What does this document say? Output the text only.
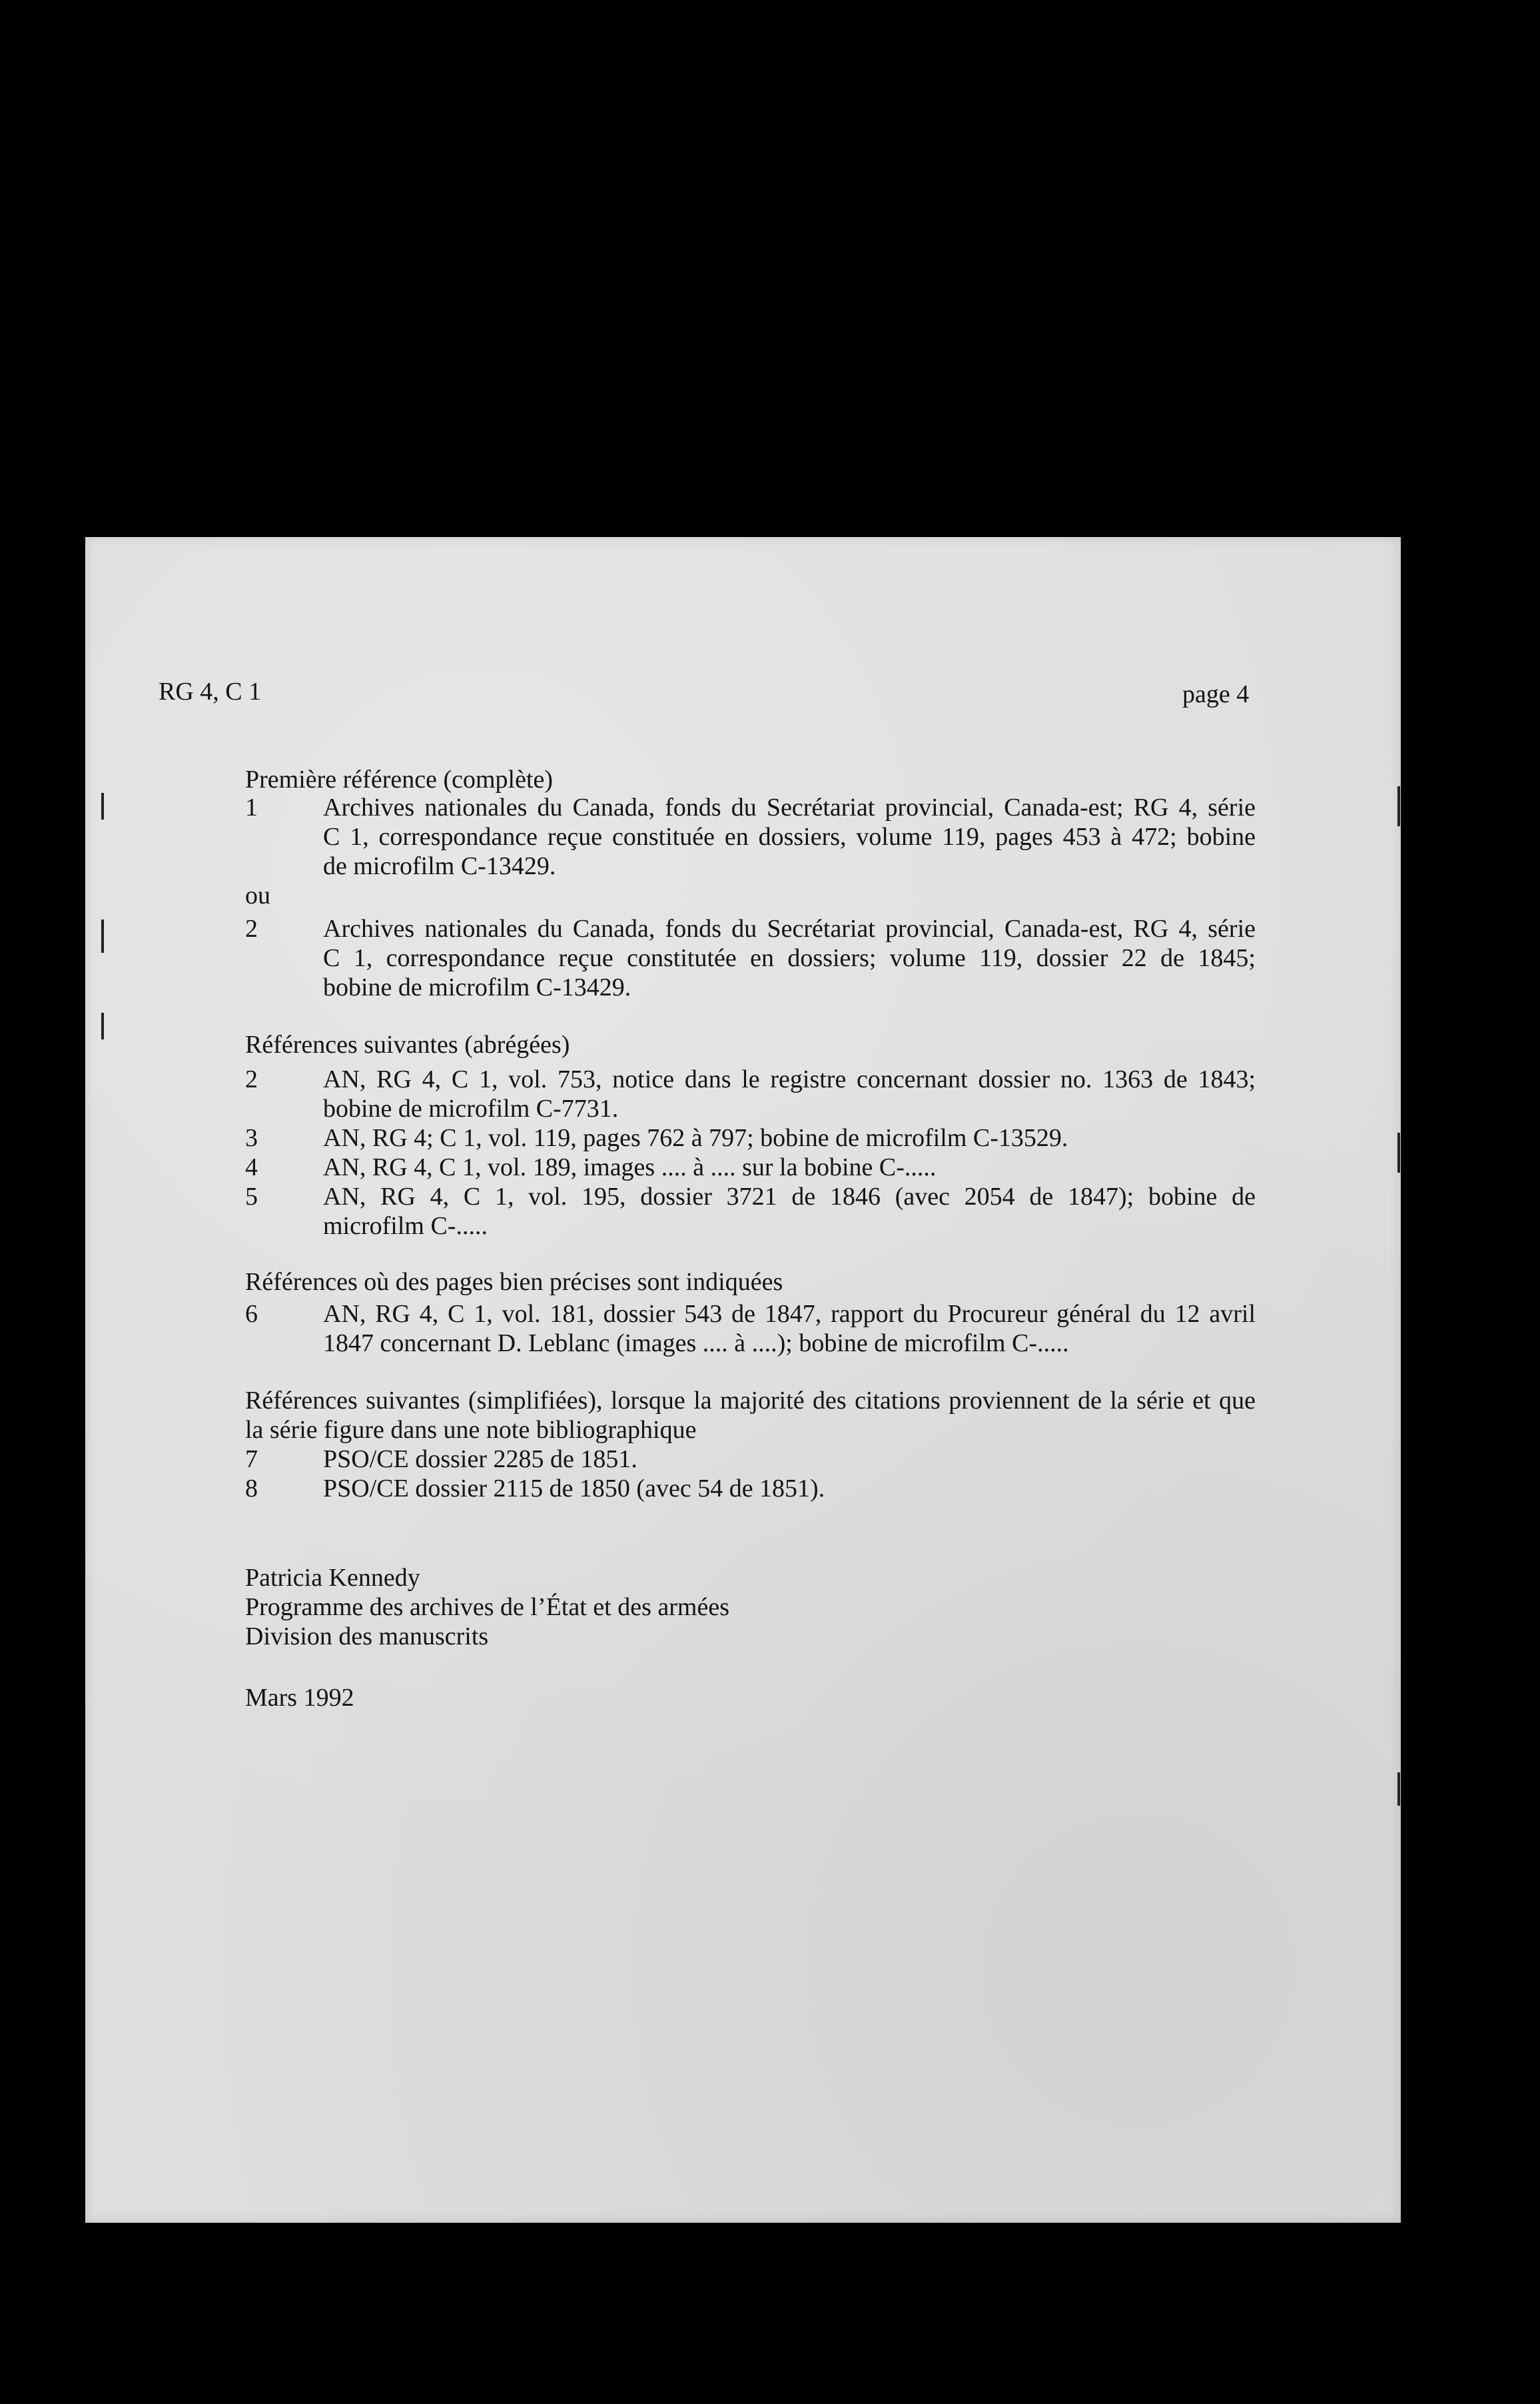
RG 4, C 1	page 4
Première référence (complète)
1	Archives nationales du Canada, fonds du Secrétariat provincial, Canada-est; RG 4, série
C 1, correspondance reçue constituée en dossiers, volume 119, pages 453 à 472; bobine
de microfilm C-13429.
ou
2	Archives nationales du Canada, fonds du Secrétariat provincial, Canada-est, RG 4, série
C 1, correspondance reçue constitutée en dossiers; volume 119, dossier 22 de 1845;
bobine de microfilm C-13429.
Références suivantes (abrégées)
2	AN, RG 4, C 1, vol. 753, notice dans le registre concernant dossier no. 1363 de 1843;
bobine de microfilm C-7731.
3	AN, RG 4; C 1, vol. 119, pages 762 à 797; bobine de microfilm C-13529.
4	AN, RG 4, C 1, vol. 189, images .... à .... sur la bobine C-.....
5	AN, RG 4, C 1, vol. 195, dossier 3721 de 1846 (avec 2054 de 1847); bobine de
microfilm C-.....
Références où des pages bien précises sont indiquées
6	AN, RG 4, C 1, vol. 181, dossier 543 de 1847, rapport du Procureur général du 12 avril
1847 concernant D. Leblanc (images .... à ....); bobine de microfilm C-.....
Références suivantes (simplifiées), lorsque la majorité des citations proviennent de la série et que
la série figure dans une note bibliographique
7	PSO/CE dossier 2285 de 1851.
8	PSO/CE dossier 2115 de 1850 (avec 54 de 1851).
Patricia Kennedy
Programme des archives de l’État et des armées
Division des manuscrits
Mars 1992
